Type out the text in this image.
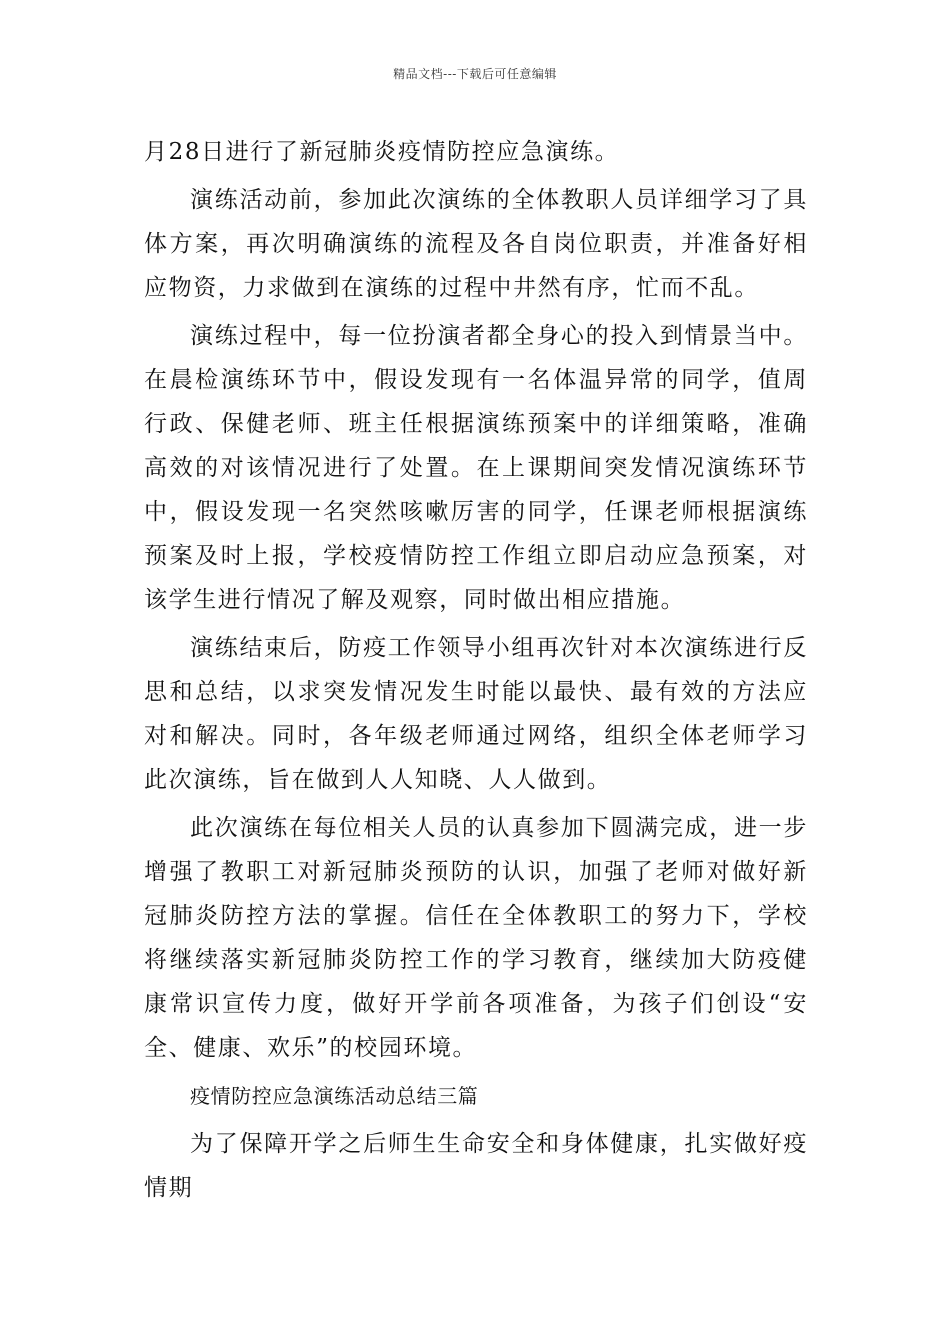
精品文档---下载后可任意编辑

月28日进行了新冠肺炎疫情防控应急演练。

演练活动前，参加此次演练的全体教职人员详细学习了具体方案，再次明确演练的流程及各自岗位职责，并准备好相应物资，力求做到在演练的过程中井然有序，忙而不乱。

演练过程中，每一位扮演者都全身心的投入到情景当中。在晨检演练环节中，假设发现有一名体温异常的同学，值周行政、保健老师、班主任根据演练预案中的详细策略，准确高效的对该情况进行了处置。在上课期间突发情况演练环节中，假设发现一名突然咳嗽厉害的同学，任课老师根据演练预案及时上报，学校疫情防控工作组立即启动应急预案，对该学生进行情况了解及观察，同时做出相应措施。

演练结束后，防疫工作领导小组再次针对本次演练进行反思和总结，以求突发情况发生时能以最快、最有效的方法应对和解决。同时，各年级老师通过网络，组织全体老师学习此次演练，旨在做到人人知晓、人人做到。

此次演练在每位相关人员的认真参加下圆满完成，进一步增强了教职工对新冠肺炎预防的认识，加强了老师对做好新冠肺炎防控方法的掌握。信任在全体教职工的努力下，学校将继续落实新冠肺炎防控工作的学习教育，继续加大防疫健康常识宣传力度，做好开学前各项准备，为孩子们创设“安全、健康、欢乐”的校园环境。

疫情防控应急演练活动总结三篇

为了保障开学之后师生生命安全和身体健康，扎实做好疫情期
